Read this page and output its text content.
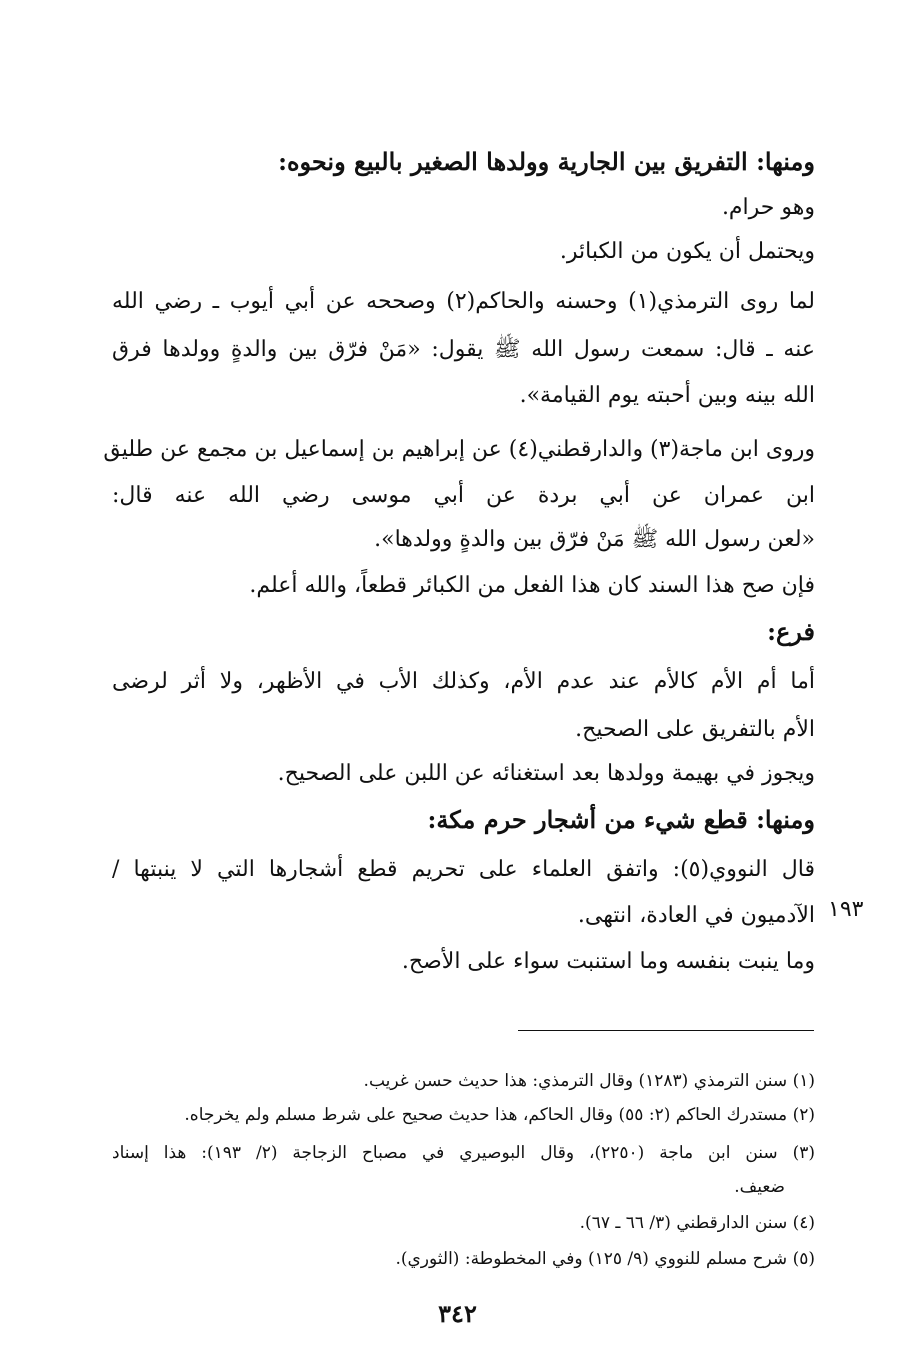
ومنها: التفريق بين الجارية وولدها الصغير بالبيع ونحوه:
وهو حرام.
ويحتمل أن يكون من الكبائر.
لما روى الترمذي(١) وحسنه والحاكم(٢) وصححه عن أبي أيوب ـ رضي الله
عنه ـ قال: سمعت رسول الله ﷺ يقول: «مَنْ فرّق بين والدةٍ وولدها فرق
الله بينه وبين أحبته يوم القيامة».
وروى ابن ماجة(٣) والدارقطني(٤) عن إبراهيم بن إسماعيل بن مجمع عن طليق
ابن عمران عن أبي بردة عن أبي موسى رضي الله عنه قال:
«لعن رسول الله ﷺ مَنْ فرّق بين والدةٍ وولدها».
فإن صح هذا السند كان هذا الفعل من الكبائر قطعاً، والله أعلم.
فرع:
أما أم الأم كالأم عند عدم الأم، وكذلك الأب في الأظهر، ولا أثر لرضى
الأم بالتفريق على الصحيح.
ويجوز في بهيمة وولدها بعد استغنائه عن اللبن على الصحيح.
ومنها: قطع شيء من أشجار حرم مكة:
قال النووي(٥): واتفق العلماء على تحريم قطع أشجارها التي لا ينبتها /
الآدميون في العادة، انتهى.
وما ينبت بنفسه وما استنبت سواء على الأصح.
١٩٣
(١) سنن الترمذي (١٢٨٣) وقال الترمذي: هذا حديث حسن غريب.
(٢) مستدرك الحاكم (٢: ٥٥) وقال الحاكم، هذا حديث صحيح على شرط مسلم ولم يخرجاه.
(٣) سنن ابن ماجة (٢٢٥٠)، وقال البوصيري في مصباح الزجاجة (٢/ ١٩٣): هذا إسناد
ضعيف.
(٤) سنن الدارقطني (٣/ ٦٦ ـ ٦٧).
(٥) شرح مسلم للنووي (٩/ ١٢٥) وفي المخطوطة: (الثوري).
٣٤٢
